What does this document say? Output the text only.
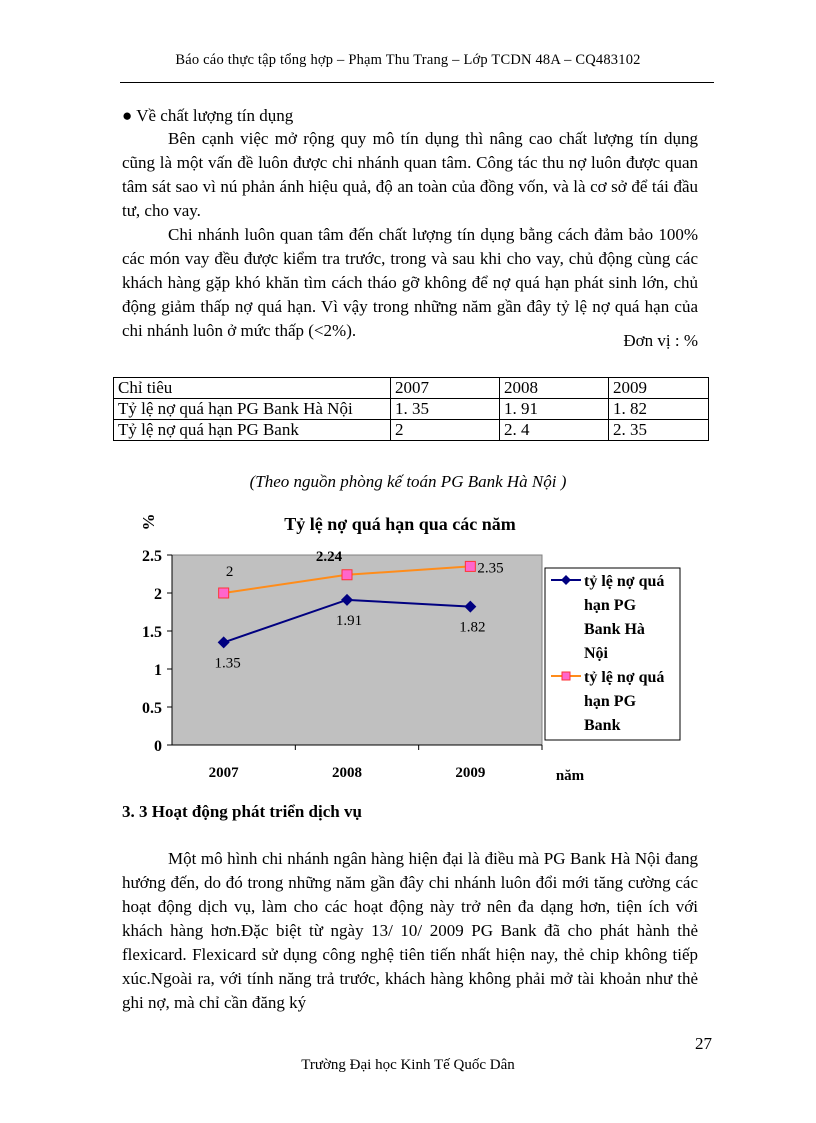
Báo cáo thực tập tổng hợp – Phạm Thu Trang – Lớp TCDN 48A – CQ483102
● Về chất lượng tín dụng
Bên cạnh việc mở rộng quy mô tín dụng thì nâng cao chất lượng tín dụng cũng là một vấn đề luôn được chi nhánh quan tâm. Công tác thu nợ luôn được quan tâm sát sao vì nú phản ánh hiệu quả, độ an toàn của đồng vốn, và là cơ sở để tái đầu tư, cho vay.
Chi nhánh luôn quan tâm đến chất lượng tín dụng bằng cách đảm bảo 100% các món vay đều được kiểm tra trước, trong và sau khi cho vay, chủ động cùng các khách hàng gặp khó khăn tìm cách tháo gỡ không để nợ quá hạn phát sinh lớn, chủ động giảm thấp nợ quá hạn. Vì vậy trong những năm gần đây tỷ lệ nợ quá hạn của chi nhánh luôn ở mức thấp (<2%).
Đơn vị : %
Chỉ tiêu	2007	2008	2009
Tỷ lệ nợ quá hạn PG Bank Hà Nội	1. 35	1. 91	1. 82
Tỷ lệ nợ quá hạn PG Bank	2	2. 4	2. 35
(Theo nguồn phòng kế toán PG Bank Hà Nội )
%	Tỷ lệ nợ quá hạn qua các năm
0
0.5
1
1.5
2
2.5
2007	2008	2009
1.35
1.91	1.82
2
2.24
2.35
tỷ lệ nợ quá
hạn PG
Bank Hà
Nội
tỷ lệ nợ quá
hạn PG
Bank
năm
3. 3 Hoạt động phát triển dịch vụ
Một mô hình chi nhánh ngân hàng hiện đại là điều mà PG Bank Hà Nội đang hướng đến, do đó trong những năm gần đây chi nhánh luôn đổi mới tăng cường các hoạt động dịch vụ, làm cho các hoạt động này trở nên đa dạng hơn, tiện ích với khách hàng hơn.Đặc biệt từ ngày 13/ 10/ 2009 PG Bank đã cho phát hành thẻ flexicard. Flexicard sử dụng công nghệ tiên tiến nhất hiện nay, thẻ chip không tiếp xúc.Ngoài ra, với tính năng trả trước, khách hàng không phải mở tài khoản như thẻ ghi nợ, mà chỉ cần đăng ký
27
Trường Đại học Kinh Tế Quốc Dân
